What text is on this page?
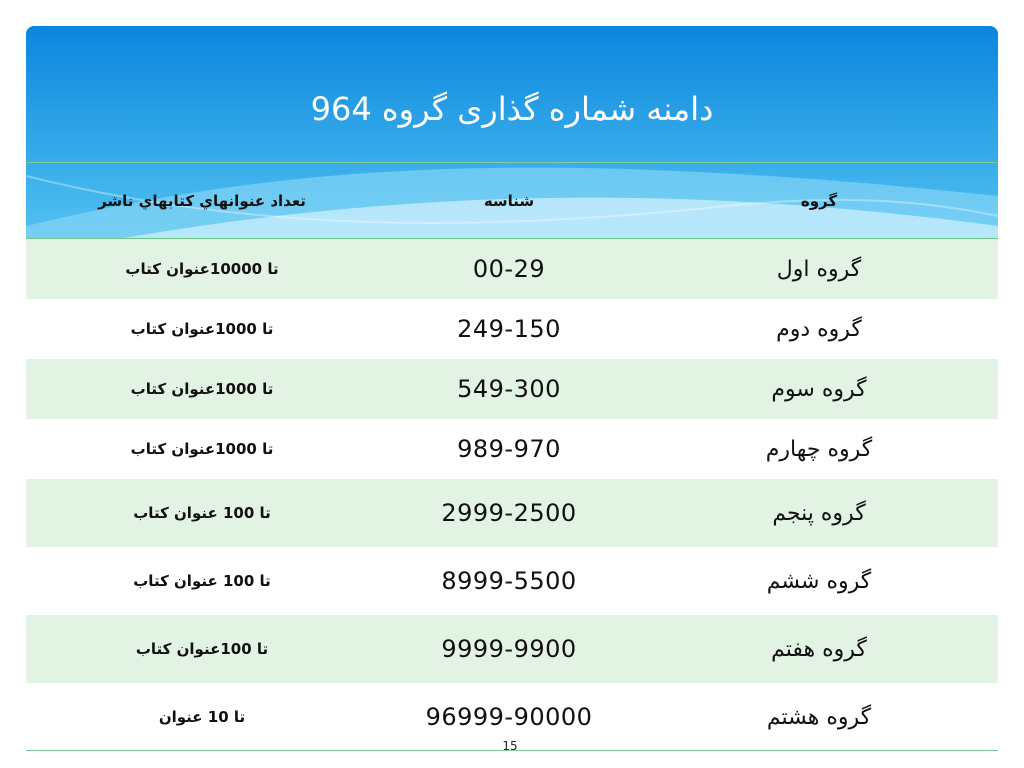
دامنه شماره گذاری گروه 964
گروه
شناسه
تعداد عنوانهاي كتابهاي ناشر
گروه اول
00-29
تا 10000عنوان كتاب
گروه دوم
249-150
تا 1000عنوان كتاب
گروه سوم
549-300
تا 1000عنوان كتاب
گروه چهارم
989-970
تا 1000عنوان كتاب
گروه پنجم
2999-2500
تا 100 عنوان كتاب
گروه ششم
8999-5500
تا 100 عنوان كتاب
گروه هفتم
9999-9900
تا 100عنوان كتاب
گروه هشتم
96999-90000
تا 10 عنوان
15
